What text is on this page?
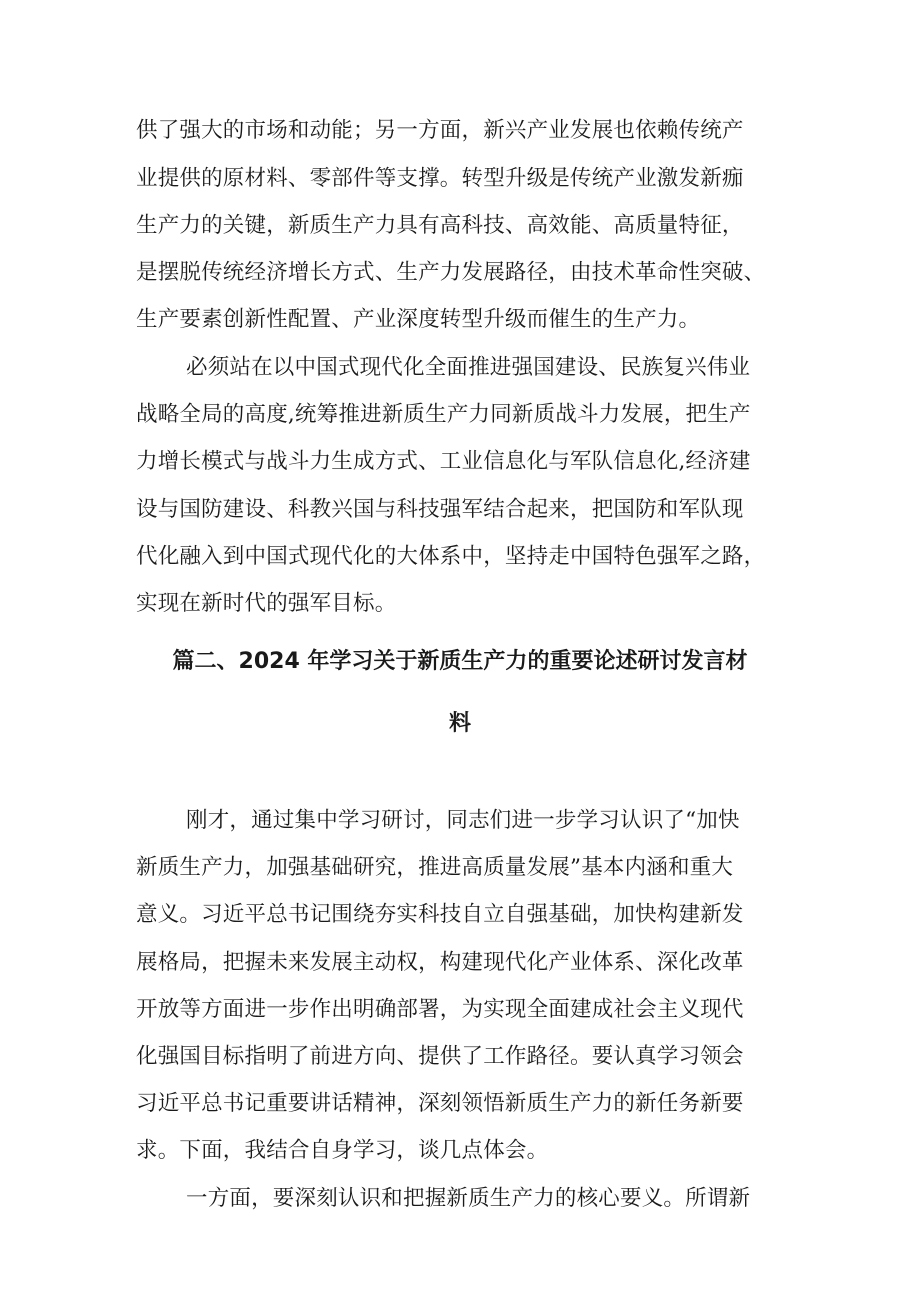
供了强大的市场和动能；另一方面，新兴产业发展也依赖传统产
业提供的原材料、零部件等支撑。转型升级是传统产业激发新痂
生产力的关键，新质生产力具有高科技、高效能、高质量特征，
是摆脱传统经济增长方式、生产力发展路径，由技术革命性突破、
生产要素创新性配置、产业深度转型升级而催生的生产力。
必须站在以中国式现代化全面推进强国建设、民族复兴伟业
战略全局的高度,统筹推进新质生产力同新质战斗力发展，把生产
力增长模式与战斗力生成方式、工业信息化与军队信息化,经济建
设与国防建设、科教兴国与科技强军结合起来，把国防和军队现
代化融入到中国式现代化的大体系中，坚持走中国特色强军之路，
实现在新时代的强军目标。
篇二、2024 年学习关于新质生产力的重要论述研讨发言材
料
刚才，通过集中学习研讨，同志们进一步学习认识了“加快
新质生产力，加强基础研究，推进高质量发展”基本内涵和重大
意义。习近平总书记围绕夯实科技自立自强基础，加快构建新发
展格局，把握未来发展主动权，构建现代化产业体系、深化改革
开放等方面进一步作出明确部署，为实现全面建成社会主义现代
化强国目标指明了前进方向、提供了工作路径。要认真学习领会
习近平总书记重要讲话精神，深刻领悟新质生产力的新任务新要
求。下面，我结合自身学习，谈几点体会。
一方面，要深刻认识和把握新质生产力的核心要义。所谓新
